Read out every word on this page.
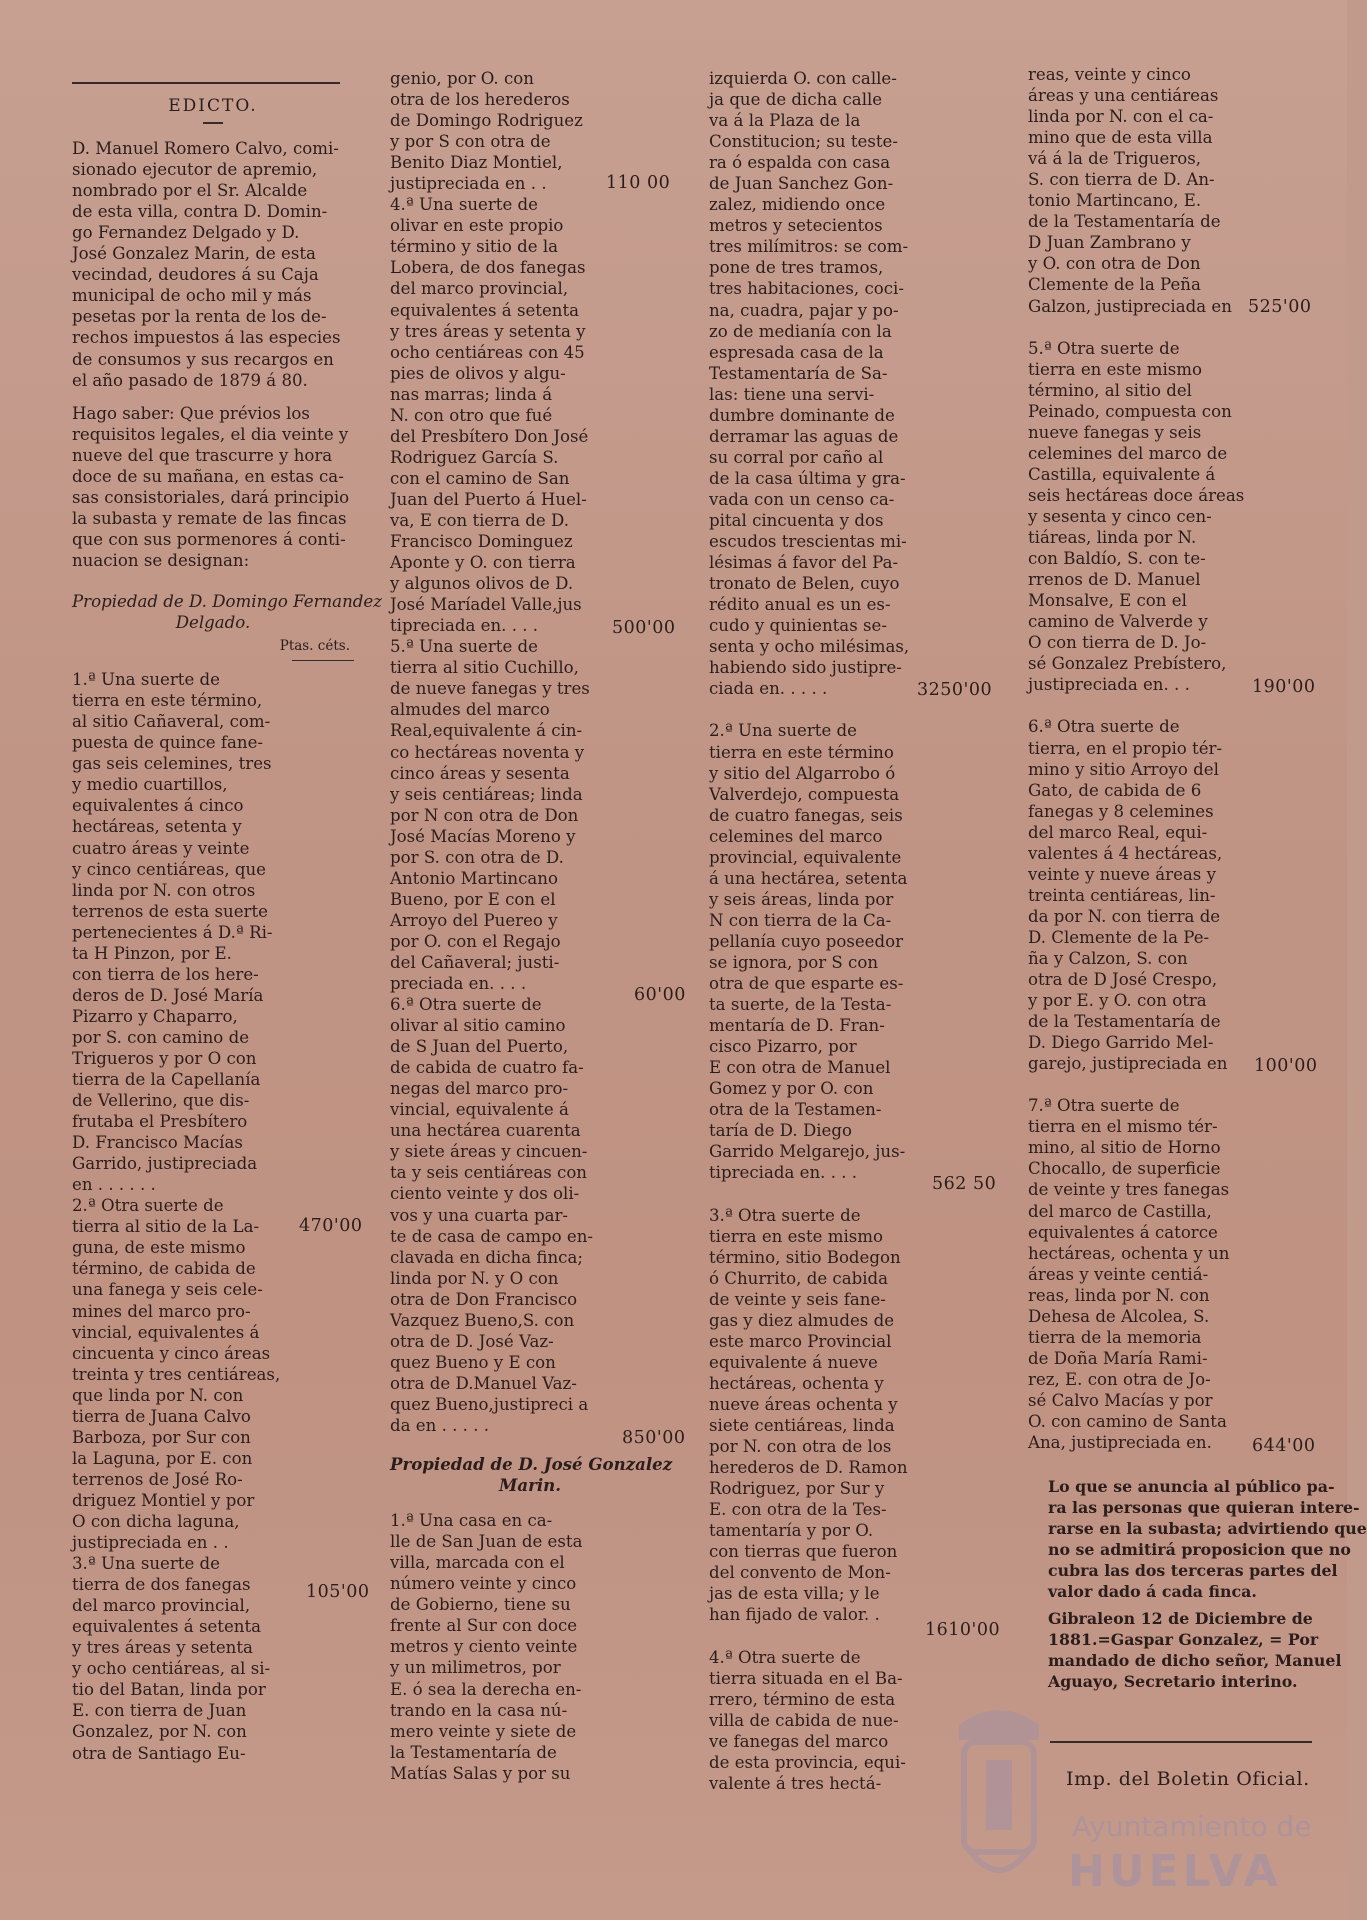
EDICTO.
D. Manuel Romero Calvo, comi-
sionado ejecutor de apremio,
nombrado por el Sr. Alcalde
de esta villa, contra D. Domin-
go Fernandez Delgado y D.
José Gonzalez Marin, de esta
vecindad, deudores á su Caja
municipal de ocho mil y más
pesetas por la renta de los de-
rechos impuestos á las especies
de consumos y sus recargos en
el año pasado de 1879 á 80.
Hago saber: Que prévios los
requisitos legales, el dia veinte y
nueve del que trascurre y hora
doce de su mañana, en estas ca-
sas consistoriales, dará principio
la subasta y remate de las fincas
que con sus pormenores á conti-
nuacion se designan:
Propiedad de D. Domingo Fernandez
Delgado.
Ptas. céts.
1.ª Una suerte de
tierra en este término,
al sitio Cañaveral, com-
puesta de quince fane-
gas seis celemines, tres
y medio cuartillos,
equivalentes á cinco
hectáreas, setenta y
cuatro áreas y veinte
y cinco centiáreas, que
linda por N. con otros
terrenos de esta suerte
pertenecientes á D.ª Ri-
ta H Pinzon, por E.
con tierra de los here-
deros de D. José María
Pizarro y Chaparro,
por S. con camino de
Trigueros y por O con
tierra de la Capellanía
de Vellerino, que dis-
frutaba el Presbítero
D. Francisco Macías
Garrido, justipreciada
en . . . . . .
2.ª Otra suerte de
tierra al sitio de la La-
guna, de este mismo
término, de cabida de
una fanega y seis cele-
mines del marco pro-
vincial, equivalentes á
cincuenta y cinco áreas
treinta y tres centiáreas,
que linda por N. con
tierra de Juana Calvo
Barboza, por Sur con
la Laguna, por E. con
terrenos de José Ro-
driguez Montiel y por
O con dicha laguna,
justipreciada en . .
3.ª Una suerte de
tierra de dos fanegas
del marco provincial,
equivalentes á setenta
y tres áreas y setenta
y ocho centiáreas, al si-
tio del Batan, linda por
E. con tierra de Juan
Gonzalez, por N. con
otra de Santiago Eu-
470'00
105'00
genio, por O. con
otra de los herederos
de Domingo Rodriguez
y por S con otra de
Benito Diaz Montiel,
justipreciada en . .
4.ª Una suerte de
olivar en este propio
término y sitio de la
Lobera, de dos fanegas
del marco provincial,
equivalentes á setenta
y tres áreas y setenta y
ocho centiáreas con 45
pies de olivos y algu-
nas marras; linda á
N. con otro que fué
del Presbítero Don José
Rodriguez García S.
con el camino de San
Juan del Puerto á Huel-
va, E con tierra de D.
Francisco Dominguez
Aponte y O. con tierra
y algunos olivos de D.
José Maríadel Valle,jus
tipreciada en. . . .
5.ª Una suerte de
tierra al sitio Cuchillo,
de nueve fanegas y tres
almudes del marco
Real,equivalente á cin-
co hectáreas noventa y
cinco áreas y sesenta
y seis centiáreas; linda
por N con otra de Don
José Macías Moreno y
por S. con otra de D.
Antonio Martincano
Bueno, por E con el
Arroyo del Puereo y
por O. con el Regajo
del Cañaveral; justi-
preciada en. . . .
6.ª Otra suerte de
olivar al sitio camino
de S Juan del Puerto,
de cabida de cuatro fa-
negas del marco pro-
vincial, equivalente á
una hectárea cuarenta
y siete áreas y cincuen-
ta y seis centiáreas con
ciento veinte y dos oli-
vos y una cuarta par-
te de casa de campo en-
clavada en dicha finca;
linda por N. y O con
otra de Don Francisco
Vazquez Bueno,S. con
otra de D. José Vaz-
quez Bueno y E con
otra de D.Manuel Vaz-
quez Bueno,justipreci a
da en . . . . .
Propiedad de D. José Gonzalez
Marin.
1.ª Una casa en ca-
lle de San Juan de esta
villa, marcada con el
número veinte y cinco
de Gobierno, tiene su
frente al Sur con doce
metros y ciento veinte
y un milimetros, por
E. ó sea la derecha en-
trando en la casa nú-
mero veinte y siete de
la Testamentaría de
Matías Salas y por su
110 00
500'00
60'00
850'00
izquierda O. con calle-
ja que de dicha calle
va á la Plaza de la
Constitucion; su teste-
ra ó espalda con casa
de Juan Sanchez Gon-
zalez, midiendo once
metros y setecientos
tres milímitros: se com-
pone de tres tramos,
tres habitaciones, coci-
na, cuadra, pajar y po-
zo de medianía con la
espresada casa de la
Testamentaría de Sa-
las: tiene una servi-
dumbre dominante de
derramar las aguas de
su corral por caño al
de la casa última y gra-
vada con un censo ca-
pital cincuenta y dos
escudos trescientas mi-
lésimas á favor del Pa-
tronato de Belen, cuyo
rédito anual es un es-
cudo y quinientas se-
senta y ocho milésimas,
habiendo sido justipre-
ciada en. . . . .

2.ª Una suerte de
tierra en este término
y sitio del Algarrobo ó
Valverdejo, compuesta
de cuatro fanegas, seis
celemines del marco
provincial, equivalente
á una hectárea, setenta
y seis áreas, linda por
N con tierra de la Ca-
pellanía cuyo poseedor
se ignora, por S con
otra de que esparte es-
ta suerte, de la Testa-
mentaría de D. Fran-
cisco Pizarro, por
E con otra de Manuel
Gomez y por O. con
otra de la Testamen-
taría de D. Diego
Garrido Melgarejo, jus-
tipreciada en. . . .

3.ª Otra suerte de
tierra en este mismo
término, sitio Bodegon
ó Churrito, de cabida
de veinte y seis fane-
gas y diez almudes de
este marco Provincial
equivalente á nueve
hectáreas, ochenta y
nueve áreas ochenta y
siete centiáreas, linda
por N. con otra de los
herederos de D. Ramon
Rodriguez, por Sur y
E. con otra de la Tes-
tamentaría y por O.
con tierras que fueron
del convento de Mon-
jas de esta villa; y le
han fijado de valor. .

4.ª Otra suerte de
tierra situada en el Ba-
rrero, término de esta
villa de cabida de nue-
ve fanegas del marco
de esta provincia, equi-
valente á tres hectá-
3250'00
562 50
1610'00
reas, veinte y cinco
áreas y una centiáreas
linda por N. con el ca-
mino que de esta villa
vá á la de Trigueros,
S. con tierra de D. An-
tonio Martincano, E.
de la Testamentaría de
D Juan Zambrano y
y O. con otra de Don
Clemente de la Peña
Galzon, justipreciada en

5.ª Otra suerte de
tierra en este mismo
término, al sitio del
Peinado, compuesta con
nueve fanegas y seis
celemines del marco de
Castilla, equivalente á
seis hectáreas doce áreas
y sesenta y cinco cen-
tiáreas, linda por N.
con Baldío, S. con te-
rrenos de D. Manuel
Monsalve, E con el
camino de Valverde y
O con tierra de D. Jo-
sé Gonzalez Prebístero,
justipreciada en. . .

6.ª Otra suerte de
tierra, en el propio tér-
mino y sitio Arroyo del
Gato, de cabida de 6
fanegas y 8 celemines
del marco Real, equi-
valentes á 4 hectáreas,
veinte y nueve áreas y
treinta centiáreas, lin-
da por N. con tierra de
D. Clemente de la Pe-
ña y Calzon, S. con
otra de D José Crespo,
y por E. y O. con otra
de la Testamentaría de
D. Diego Garrido Mel-
garejo, justipreciada en

7.ª Otra suerte de
tierra en el mismo tér-
mino, al sitio de Horno
Chocallo, de superficie
de veinte y tres fanegas
del marco de Castilla,
equivalentes á catorce
hectáreas, ochenta y un
áreas y veinte centiá-
reas, linda por N. con
Dehesa de Alcolea, S.
tierra de la memoria
de Doña María Rami-
rez, E. con otra de Jo-
sé Calvo Macías y por
O. con camino de Santa
Ana, justipreciada en.
525'00
190'00
100'00
644'00
Lo que se anuncia al público pa-
ra las personas que quieran intere-
rarse en la subasta; advirtiendo que
no se admitirá proposicion que no
cubra las dos terceras partes del
valor dado á cada finca.
Gibraleon 12 de Diciembre de
1881.=Gaspar Gonzalez, = Por
mandado de dicho señor, Manuel
Aguayo, Secretario interino.
Imp. del Boletin Oficial.
Ayuntamiento de
HUELVA
